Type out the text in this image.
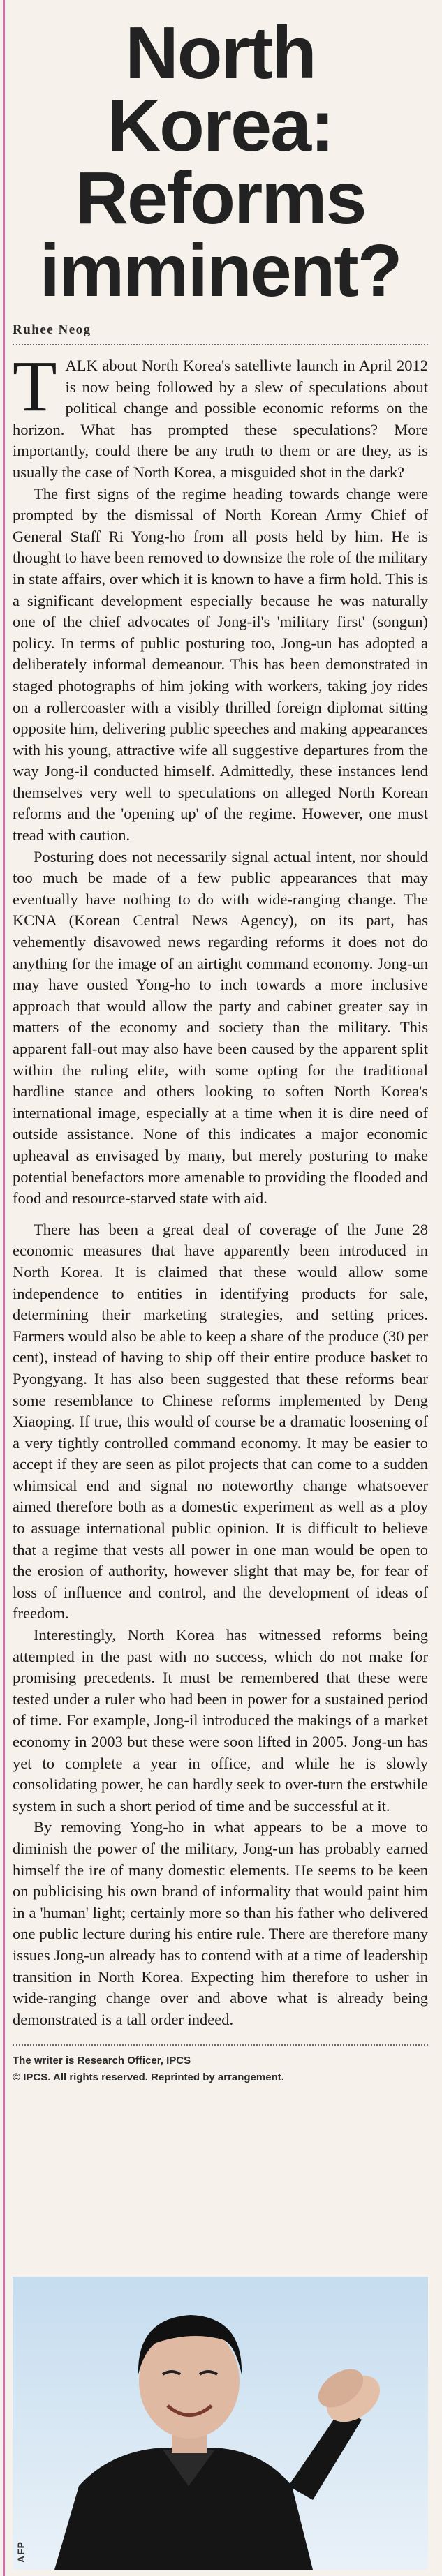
North Korea:
Reforms
imminent?
Ruhee Neog

TALK about North Korea's satellivte launch in April 2012 is now being followed by a slew of speculations about political change and possible economic reforms on the horizon. What has prompted these speculations? More importantly, could there be any truth to them or are they, as is usually the case of North Korea, a misguided shot in the dark?

The first signs of the regime heading towards change were prompted by the dismissal of North Korean Army Chief of General Staff Ri Yong-ho from all posts held by him. He is thought to have been removed to downsize the role of the military in state affairs, over which it is known to have a firm hold. This is a significant development especially because he was naturally one of the chief advocates of Jong-il's 'military first' (songun) policy. In terms of public posturing too, Jong-un has adopted a deliberately informal demeanour. This has been demonstrated in staged photographs of him joking with workers, taking joy rides on a rollercoaster with a visibly thrilled foreign diplomat sitting opposite him, delivering public speeches and making appearances with his young, attractive wife all suggestive departures from the way Jong-il conducted himself. Admittedly, these instances lend themselves very well to speculations on alleged North Korean reforms and the 'opening up' of the regime. However, one must tread with caution.

Posturing does not necessarily signal actual intent, nor should too much be made of a few public appearances that may eventually have nothing to do with wide-ranging change. The KCNA (Korean Central News Agency), on its part, has vehemently disavowed news regarding reforms it does not do anything for the image of an airtight command economy. Jong-un may have ousted Yong-ho to inch towards a more inclusive approach that would allow the party and cabinet greater say in matters of the economy and society than the military. This apparent fall-out may also have been caused by the apparent split within the ruling elite, with some opting for the traditional hardline stance and others looking to soften North Korea's international image, especially at a time when it is dire need of outside assistance. None of this indicates a major economic upheaval as envisaged by many, but merely posturing to make potential benefactors more amenable to providing the flooded and food and resource-starved state with aid.

There has been a great deal of coverage of the June 28 economic measures that have apparently been introduced in North Korea. It is claimed that these would allow some independence to entities in identifying products for sale, determining their marketing strategies, and setting prices. Farmers would also be able to keep a share of the produce (30 per cent), instead of having to ship off their entire produce basket to Pyongyang. It has also been suggested that these reforms bear some resemblance to Chinese reforms implemented by Deng Xiaoping. If true, this would of course be a dramatic loosening of a very tightly controlled command economy. It may be easier to accept if they are seen as pilot projects that can come to a sudden whimsical end and signal no noteworthy change whatsoever aimed therefore both as a domestic experiment as well as a ploy to assuage international public opinion. It is difficult to believe that a regime that vests all power in one man would be open to the erosion of authority, however slight that may be, for fear of loss of influence and control, and the development of ideas of freedom.

Interestingly, North Korea has witnessed reforms being attempted in the past with no success, which do not make for promising precedents. It must be remembered that these were tested under a ruler who had been in power for a sustained period of time. For example, Jong-il introduced the makings of a market economy in 2003 but these were soon lifted in 2005. Jong-un has yet to complete a year in office, and while he is slowly consolidating power, he can hardly seek to over-turn the erstwhile system in such a short period of time and be successful at it.

By removing Yong-ho in what appears to be a move to diminish the power of the military, Jong-un has probably earned himself the ire of many domestic elements. He seems to be keen on publicising his own brand of informality that would paint him in a 'human' light; certainly more so than his father who delivered one public lecture during his entire rule. There are therefore many issues Jong-un already has to contend with at a time of leadership transition in North Korea. Expecting him therefore to usher in wide-ranging change over and above what is already being demonstrated is a tall order indeed.

The writer is Research Officer, IPCS
© IPCS. All rights reserved. Reprinted by arrangement.
AFP
